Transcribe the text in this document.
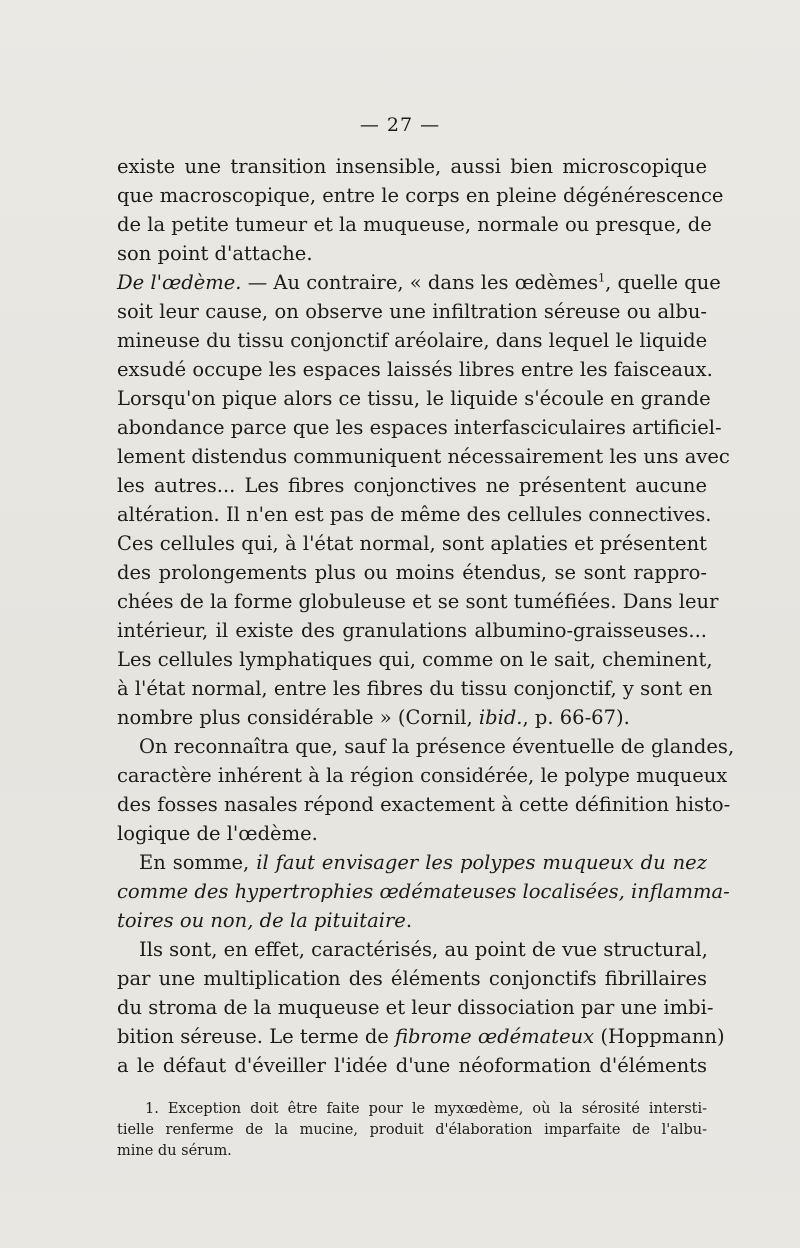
— 27 —

existe une transition insensible, aussi bien microscopique
que macroscopique, entre le corps en pleine dégénérescence
de la petite tumeur et la muqueuse, normale ou presque, de
son point d'attache.

De l'œdème. — Au contraire, « dans les œdèmes$^1$, quelle que
soit leur cause, on observe une infiltration séreuse ou albu-
mineuse du tissu conjonctif aréolaire, dans lequel le liquide
exsudé occupe les espaces laissés libres entre les faisceaux.
Lorsqu'on pique alors ce tissu, le liquide s'écoule en grande
abondance parce que les espaces interfasciculaires artificiel-
lement distendus communiquent nécessairement les uns avec
les autres... Les fibres conjonctives ne présentent aucune
altération. Il n'en est pas de même des cellules connectives.
Ces cellules qui, à l'état normal, sont aplaties et présentent
des prolongements plus ou moins étendus, se sont rappro-
chées de la forme globuleuse et se sont tuméfiées. Dans leur
intérieur, il existe des granulations albumino-graisseuses...
Les cellules lymphatiques qui, comme on le sait, cheminent,
à l'état normal, entre les fibres du tissu conjonctif, y sont en
nombre plus considérable » (Cornil, ibid., p. 66-67).

On reconnaîtra que, sauf la présence éventuelle de glandes,
caractère inhérent à la région considérée, le polype muqueux
des fosses nasales répond exactement à cette définition histo-
logique de l'œdème.

En somme, il faut envisager les polypes muqueux du nez
comme des hypertrophies œdémateuses localisées, inflamma-
toires ou non, de la pituitaire.

Ils sont, en effet, caractérisés, au point de vue structural,
par une multiplication des éléments conjonctifs fibrillaires
du stroma de la muqueuse et leur dissociation par une imbi-
bition séreuse. Le terme de fibrome œdémateux (Hoppmann)
a le défaut d'éveiller l'idée d'une néoformation d'éléments

1. Exception doit être faite pour le myxœdème, où la sérosité intersti-
tielle renferme de la mucine, produit d'élaboration imparfaite de l'albu-
mine du sérum.
